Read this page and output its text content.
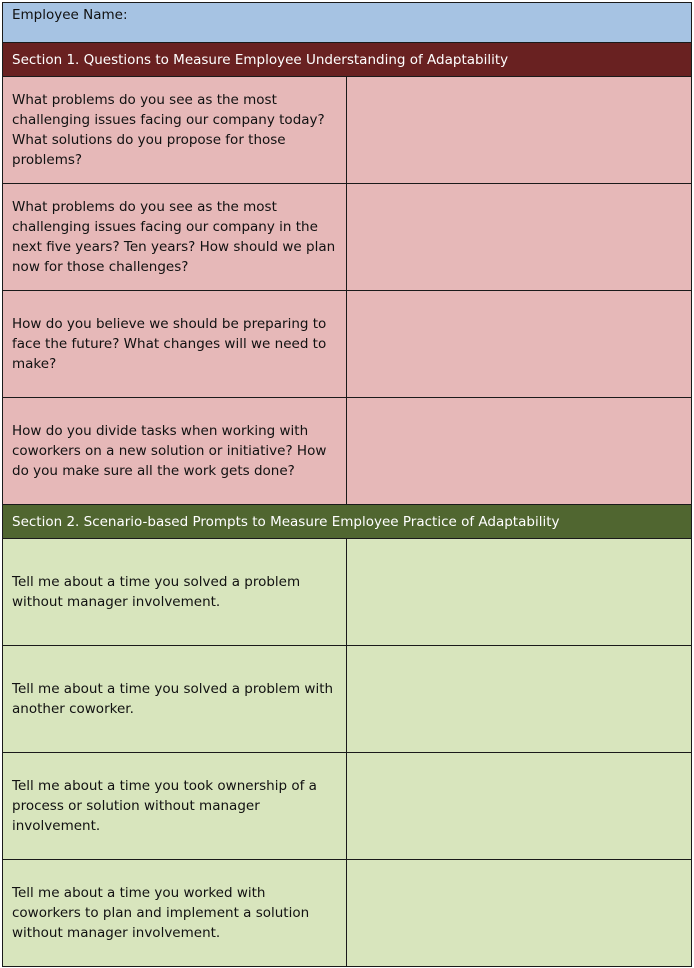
Employee Name:
Section 1. Questions to Measure Employee Understanding of Adaptability
What problems do you see as the most challenging issues facing our company today? What solutions do you propose for those problems?
What problems do you see as the most challenging issues facing our company in the next five years? Ten years? How should we plan now for those challenges?
How do you believe we should be preparing to face the future? What changes will we need to make?
How do you divide tasks when working with coworkers on a new solution or initiative? How do you make sure all the work gets done?
Section 2. Scenario-based Prompts to Measure Employee Practice of Adaptability
Tell me about a time you solved a problem without manager involvement.
Tell me about a time you solved a problem with another coworker.
Tell me about a time you took ownership of a process or solution without manager involvement.
Tell me about a time you worked with coworkers to plan and implement a solution without manager involvement.
